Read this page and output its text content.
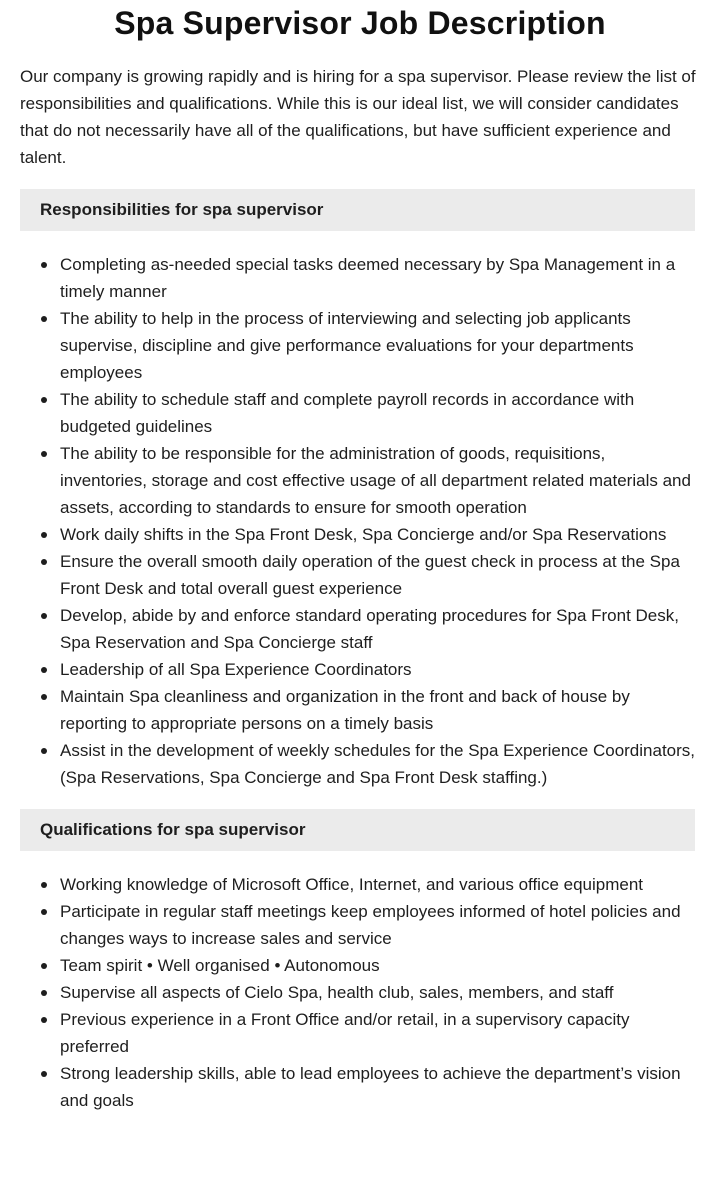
Spa Supervisor Job Description

Our company is growing rapidly and is hiring for a spa supervisor. Please review the list of responsibilities and qualifications. While this is our ideal list, we will consider candidates that do not necessarily have all of the qualifications, but have sufficient experience and talent.

Responsibilities for spa supervisor
Completing as-needed special tasks deemed necessary by Spa Management in a timely manner
The ability to help in the process of interviewing and selecting job applicants supervise, discipline and give performance evaluations for your departments employees
The ability to schedule staff and complete payroll records in accordance with budgeted guidelines
The ability to be responsible for the administration of goods, requisitions, inventories, storage and cost effective usage of all department related materials and assets, according to standards to ensure for smooth operation
Work daily shifts in the Spa Front Desk, Spa Concierge and/or Spa Reservations
Ensure the overall smooth daily operation of the guest check in process at the Spa Front Desk and total overall guest experience
Develop, abide by and enforce standard operating procedures for Spa Front Desk, Spa Reservation and Spa Concierge staff
Leadership of all Spa Experience Coordinators
Maintain Spa cleanliness and organization in the front and back of house by reporting to appropriate persons on a timely basis
Assist in the development of weekly schedules for the Spa Experience Coordinators, (Spa Reservations, Spa Concierge and Spa Front Desk staffing.)
Qualifications for spa supervisor
Working knowledge of Microsoft Office, Internet, and various office equipment
Participate in regular staff meetings keep employees informed of hotel policies and changes ways to increase sales and service
Team spirit • Well organised • Autonomous
Supervise all aspects of Cielo Spa, health club, sales, members, and staff
Previous experience in a Front Office and/or retail, in a supervisory capacity preferred
Strong leadership skills, able to lead employees to achieve the department’s vision and goals
